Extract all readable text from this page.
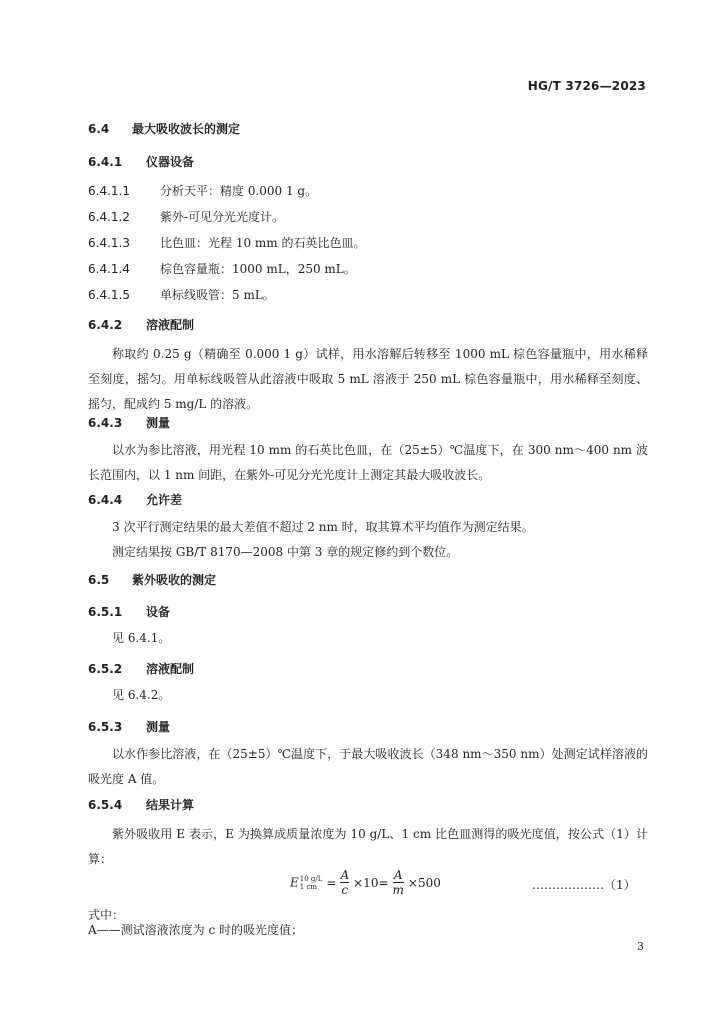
HG/T 3726—2023
6.4 最大吸收波长的测定
6.4.1 仪器设备
6.4.1.1	分析天平：精度 0.000 1 g。
6.4.1.2	紫外-可见分光光度计。
6.4.1.3	比色皿：光程 10 mm 的石英比色皿。
6.4.1.4	棕色容量瓶：1000 mL，250 mL。
6.4.1.5	单标线吸管：5 mL。
6.4.2 溶液配制

称取约 0.25 g（精确至 0.000 1 g）试样，用水溶解后转移至 1000 mL 棕色容量瓶中，用水稀释至刻度，摇匀。用单标线吸管从此溶液中吸取 5 mL 溶液于 250 mL 棕色容量瓶中，用水稀释至刻度、摇匀，配成约 5 mg/L 的溶液。

6.4.3 测量

以水为参比溶液，用光程 10 mm 的石英比色皿，在（25±5）℃温度下，在 300 nm～400 nm 波长范围内，以 1 nm 间距，在紫外-可见分光光度计上测定其最大吸收波长。

6.4.4 允许差

3 次平行测定结果的最大差值不超过 2 nm 时，取其算术平均值作为测定结果。

测定结果按 GB/T 8170—2008 中第 3 章的规定修约到个数位。

6.5 紫外吸收的测定
6.5.1 设备

见 6.4.1。

6.5.2 溶液配制

见 6.4.2。

6.5.3 测量

以水作参比溶液，在（25±5）℃温度下，于最大吸收波长（348 nm～350 nm）处测定试样溶液的吸光度 A 值。

6.5.4 结果计算

紫外吸收用 E 表示，E 为换算成质量浓度为 10 g/L、1 cm 比色皿测得的吸光度值，按公式（1）计算：

E 10 g/L
1 cm = $\frac{A}{c} \times 10= \frac{A}{m} \times 500$	………………（1）
式中：
A——测试溶液浓度为 c 时的吸光度值；
3
